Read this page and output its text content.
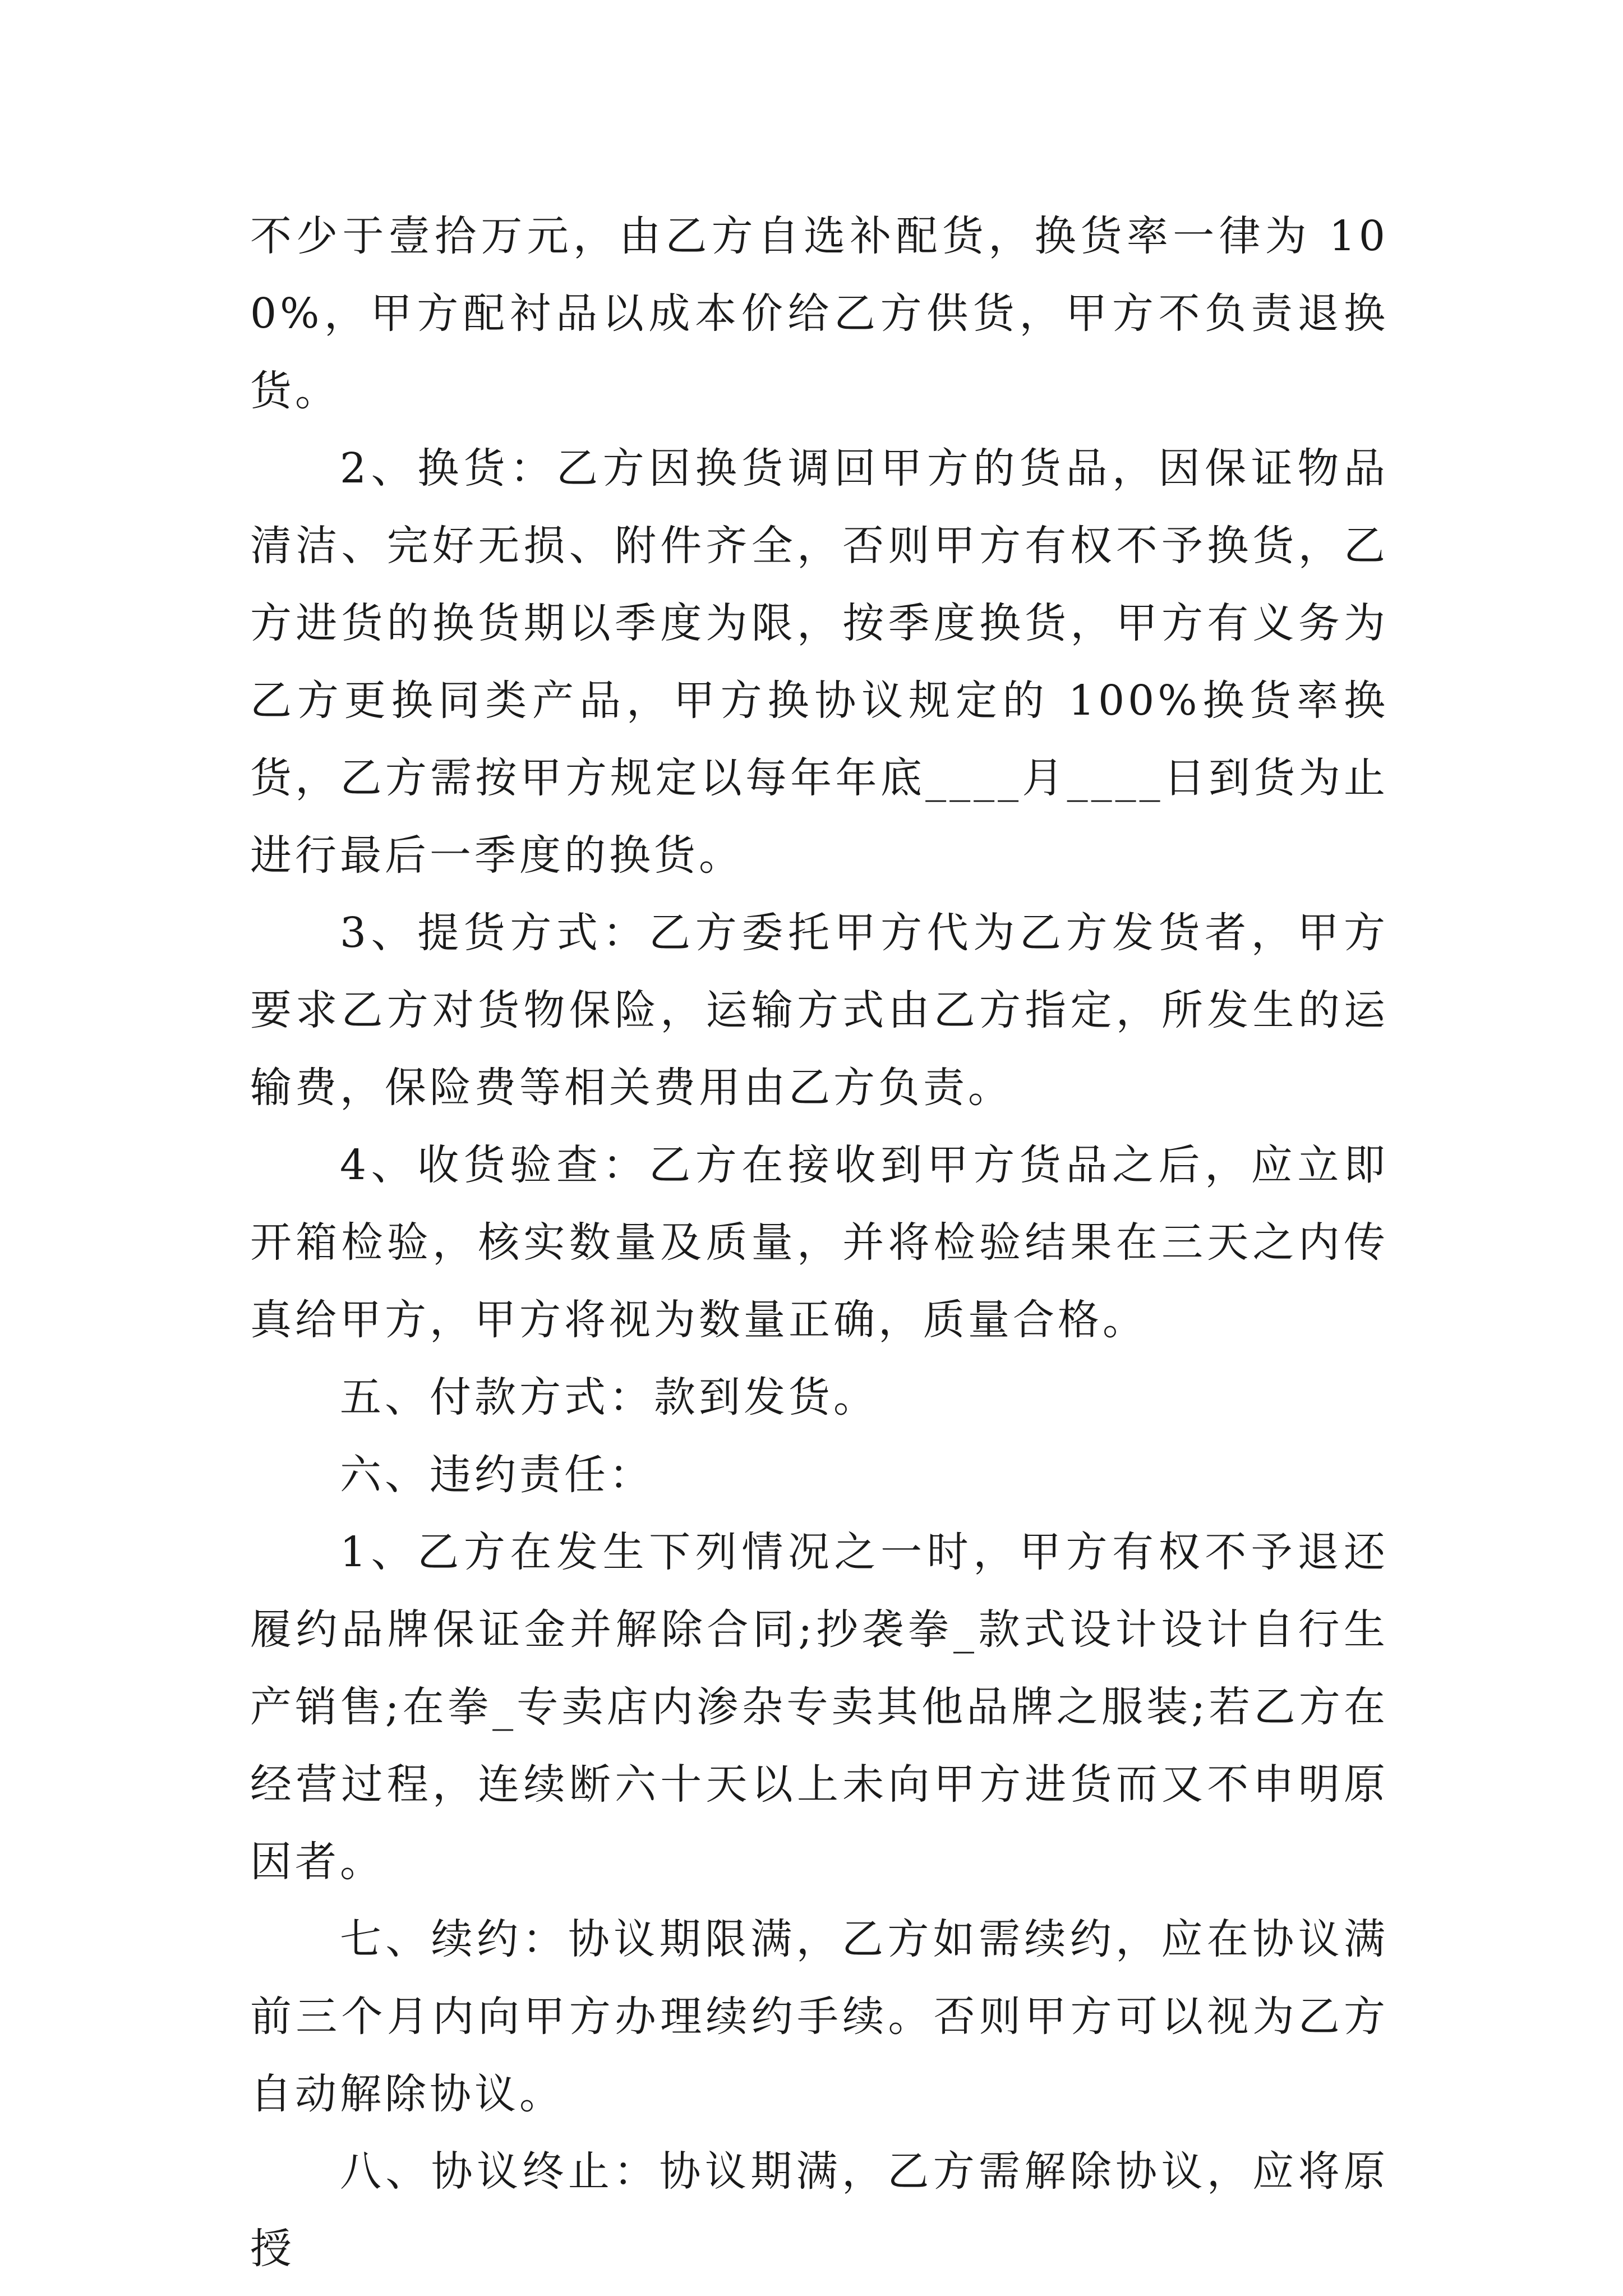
不少于壹拾万元，由乙方自选补配货，换货率一律为 100%，甲方配衬品以成本价给乙方供货，甲方不负责退换货。

2、换货：乙方因换货调回甲方的货品，因保证物品清洁、完好无损、附件齐全，否则甲方有权不予换货，乙方进货的换货期以季度为限，按季度换货，甲方有义务为乙方更换同类产品，甲方换协议规定的 100%换货率换货，乙方需按甲方规定以每年年底____月____日到货为止进行最后一季度的换货。

3、提货方式：乙方委托甲方代为乙方发货者，甲方要求乙方对货物保险，运输方式由乙方指定，所发生的运输费，保险费等相关费用由乙方负责。

4、收货验查：乙方在接收到甲方货品之后，应立即开箱检验，核实数量及质量，并将检验结果在三天之内传真给甲方，甲方将视为数量正确，质量合格。

五、付款方式：款到发货。

六、违约责任：

1、乙方在发生下列情况之一时，甲方有权不予退还履约品牌保证金并解除合同;抄袭拳_款式设计设计自行生产销售;在拳_专卖店内渗杂专卖其他品牌之服装;若乙方在经营过程，连续断六十天以上未向甲方进货而又不申明原因者。

七、续约：协议期限满，乙方如需续约，应在协议满前三个月内向甲方办理续约手续。否则甲方可以视为乙方自动解除协议。

八、协议终止：协议期满，乙方需解除协议，应将原授
